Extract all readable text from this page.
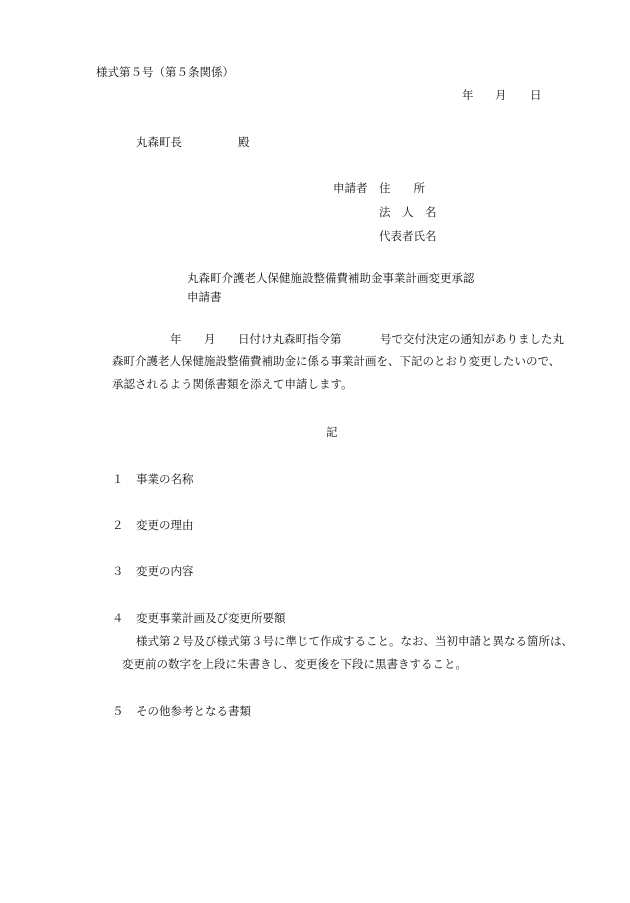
様式第５号（第５条関係）
年 月 日
丸森町長	殿
申請者 住　　所
法　人　名
代表者氏名
丸森町介護老人保健施設整備費補助金事業計画変更承認
申請書
年 月 日付け丸森町指令第	号で交付決定の通知がありました丸
森町介護老人保健施設整備費補助金に係る事業計画を、下記のとおり変更したいので、
承認されるよう関係書類を添えて申請します。
記
１ 事業の名称
２ 変更の理由
３ 変更の内容
４ 変更事業計画及び変更所要額
様式第２号及び様式第３号に準じて作成すること。なお、当初申請と異なる箇所は、
変更前の数字を上段に朱書きし、変更後を下段に黒書きすること。
５ その他参考となる書類
